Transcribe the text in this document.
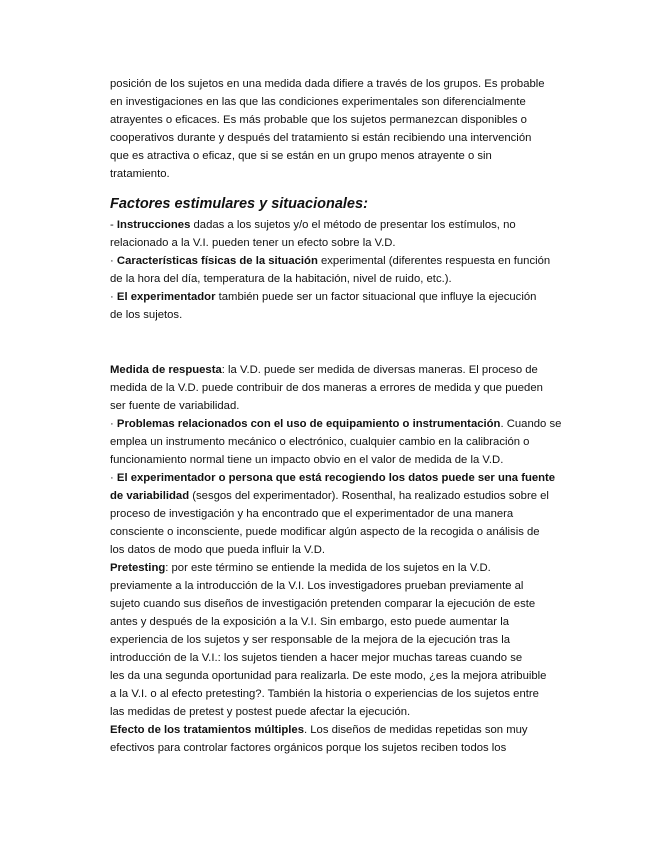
posición de los sujetos en una medida dada difiere a través de los grupos. Es probable

en investigaciones en las que las condiciones experimentales son diferencialmente

atrayentes o eficaces. Es más probable que los sujetos permanezcan disponibles o

cooperativos durante y después del tratamiento si están recibiendo una intervención

que es atractiva o eficaz, que si se están en un grupo menos atrayente o sin

tratamiento.

Factores estimulares y situacionales:

- Instrucciones dadas a los sujetos y/o el método de presentar los estímulos, no

relacionado a la V.I. pueden tener un efecto sobre la V.D.

· Características físicas de la situación experimental (diferentes respuesta en función

de la hora del día, temperatura de la habitación, nivel de ruido, etc.).

· El experimentador también puede ser un factor situacional que influye la ejecución

de los sujetos.

Medida de respuesta: la V.D. puede ser medida de diversas maneras. El proceso de

medida de la V.D. puede contribuir de dos maneras a errores de medida y que pueden

ser fuente de variabilidad.

· Problemas relacionados con el uso de equipamiento o instrumentación. Cuando se

emplea un instrumento mecánico o electrónico, cualquier cambio en la calibración o

funcionamiento normal tiene un impacto obvio en el valor de medida de la V.D.

· El experimentador o persona que está recogiendo los datos puede ser una fuente

de variabilidad (sesgos del experimentador). Rosenthal, ha realizado estudios sobre el

proceso de investigación y ha encontrado que el experimentador de una manera

consciente o inconsciente, puede modificar algún aspecto de la recogida o análisis de

los datos de modo que pueda influir la V.D.

Pretesting: por este término se entiende la medida de los sujetos en la V.D.

previamente a la introducción de la V.I. Los investigadores prueban previamente al

sujeto cuando sus diseños de investigación pretenden comparar la ejecución de este

antes y después de la exposición a la V.I. Sin embargo, esto puede aumentar la

experiencia de los sujetos y ser responsable de la mejora de la ejecución tras la

introducción de la V.I.: los sujetos tienden a hacer mejor muchas tareas cuando se

les da una segunda oportunidad para realizarla. De este modo, ¿es la mejora atribuible

a la V.I. o al efecto pretesting?. También la historia o experiencias de los sujetos entre

las medidas de pretest y postest puede afectar la ejecución.

Efecto de los tratamientos múltiples. Los diseños de medidas repetidas son muy

efectivos para controlar factores orgánicos porque los sujetos reciben todos los
